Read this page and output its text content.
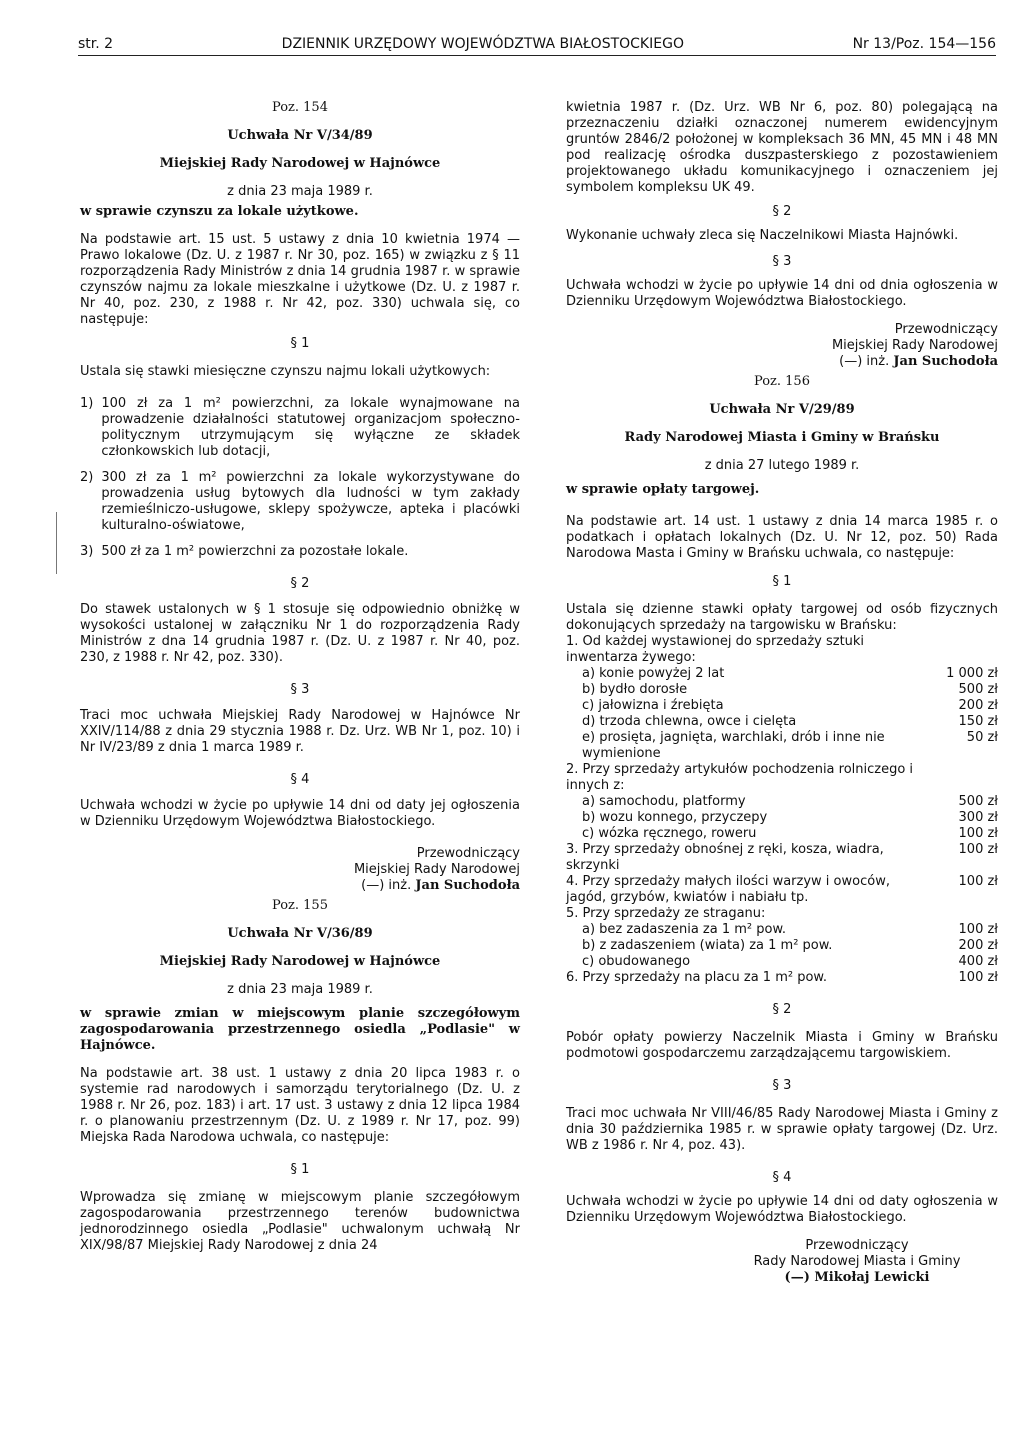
str. 2	DZIENNIK URZĘDOWY WOJEWÓDZTWA BIAŁOSTOCKIEGO	Nr 13/Poz. 154—156
Poz. 154
Uchwała Nr V/34/89
Miejskiej Rady Narodowej w Hajnówce
z dnia 23 maja 1989 r.
w sprawie czynszu za lokale użytkowe.

Na podstawie art. 15 ust. 5 ustawy z dnia 10 kwietnia 1974 — Prawo lokalowe (Dz. U. z 1987 r. Nr 30, poz. 165) w związku z § 11 rozporządzenia Rady Ministrów z dnia 14 grudnia 1987 r. w sprawie czynszów najmu za lokale mieszkalne i użytkowe (Dz. U. z 1987 r. Nr 40, poz. 230, z 1988 r. Nr 42, poz. 330) uchwala się, co następuje:

§ 1

Ustala się stawki miesięczne czynszu najmu lokali użytkowych:

1) 100 zł za 1 m² powierzchni, za lokale wynajmowane na prowadzenie działalności statutowej organizacjom społeczno-politycznym utrzymującym się wyłączne ze składek członkowskich lub dotacji,
2) 300 zł za 1 m² powierzchni za lokale wykorzystywane do prowadzenia usług bytowych dla ludności w tym zakłady rzemieślniczo-usługowe, sklepy spożywcze, apteka i placówki kulturalno-oświatowe,
3) 500 zł za 1 m² powierzchni za pozostałe lokale.
§ 2

Do stawek ustalonych w § 1 stosuje się odpowiednio obniżkę w wysokości ustalonej w załączniku Nr 1 do rozporządzenia Rady Ministrów z dna 14 grudnia 1987 r. (Dz. U. z 1987 r. Nr 40, poz. 230, z 1988 r. Nr 42, poz. 330).

§ 3

Traci moc uchwała Miejskiej Rady Narodowej w Hajnówce Nr XXIV/114/88 z dnia 29 stycznia 1988 r. Dz. Urz. WB Nr 1, poz. 10) i Nr IV/23/89 z dnia 1 marca 1989 r.

§ 4

Uchwała wchodzi w życie po upływie 14 dni od daty jej ogłoszenia w Dzienniku Urzędowym Województwa Białostockiego.

Przewodniczący
Miejskiej Rady Narodowej
(—) inż. Jan Suchodoła
Poz. 155
Uchwała Nr V/36/89
Miejskiej Rady Narodowej w Hajnówce
z dnia 23 maja 1989 r.
w sprawie zmian w miejscowym planie szczegółowym zagospodarowania przestrzennego osiedla „Podlasie" w Hajnówce.

Na podstawie art. 38 ust. 1 ustawy z dnia 20 lipca 1983 r. o systemie rad narodowych i samorządu terytorialnego (Dz. U. z 1988 r. Nr 26, poz. 183) i art. 17 ust. 3 ustawy z dnia 12 lipca 1984 r. o planowaniu przestrzennym (Dz. U. z 1989 r. Nr 17, poz. 99) Miejska Rada Narodowa uchwala, co następuje:

§ 1

Wprowadza się zmianę w miejscowym planie szczegółowym zagospodarowania przestrzennego terenów budownictwa jednorodzinnego osiedla „Podlasie" uchwalonym uchwałą Nr XIX/98/87 Miejskiej Rady Narodowej z dnia 24

kwietnia 1987 r. (Dz. Urz. WB Nr 6, poz. 80) polegającą na przeznaczeniu działki oznaczonej numerem ewidencyjnym gruntów 2846/2 położonej w kompleksach 36 MN, 45 MN i 48 MN pod realizację ośrodka duszpasterskiego z pozostawieniem projektowanego układu komunikacyjnego i oznaczeniem jej symbolem kompleksu UK 49.

§ 2

Wykonanie uchwały zleca się Naczelnikowi Miasta Hajnówki.

§ 3

Uchwała wchodzi w życie po upływie 14 dni od dnia ogłoszenia w Dzienniku Urzędowym Województwa Białostockiego.

Przewodniczący
Miejskiej Rady Narodowej
(—) inż. Jan Suchodoła
Poz. 156
Uchwała Nr V/29/89
Rady Narodowej Miasta i Gminy w Brańsku
z dnia 27 lutego 1989 r.
w sprawie opłaty targowej.

Na podstawie art. 14 ust. 1 ustawy z dnia 14 marca 1985 r. o podatkach i opłatach lokalnych (Dz. U. Nr 12, poz. 50) Rada Narodowa Masta i Gminy w Brańsku uchwala, co następuje:

§ 1

Ustala się dzienne stawki opłaty targowej od osób fizycznych dokonujących sprzedaży na targowisku w Brańsku:

1. Od każdej wystawionej do sprzedaży sztuki inwentarza żywego:	
a) konie powyżej 2 lat	1 000 zł
b) bydło dorosłe	500 zł
c) jałowizna i źrebięta	200 zł
d) trzoda chlewna, owce i cielęta	150 zł
e) prosięta, jagnięta, warchlaki, drób i inne nie wymienione	50 zł
2. Przy sprzedaży artykułów pochodzenia rolniczego i innych z:	
a) samochodu, platformy	500 zł
b) wozu konnego, przyczepy	300 zł
c) wózka ręcznego, roweru	100 zł
3. Przy sprzedaży obnośnej z ręki, kosza, wiadra, skrzynki	100 zł
4. Przy sprzedaży małych ilości warzyw i owoców, jagód, grzybów, kwiatów i nabiału tp.	100 zł
5. Przy sprzedaży ze straganu:	
a) bez zadaszenia za 1 m² pow.	100 zł
b) z zadaszeniem (wiata) za 1 m² pow.	200 zł
c) obudowanego	400 zł
6. Przy sprzedaży na placu za 1 m² pow.	100 zł
§ 2

Pobór opłaty powierzy Naczelnik Miasta i Gminy w Brańsku podmotowi gospodarczemu zarządzającemu targowiskiem.

§ 3

Traci moc uchwała Nr VIII/46/85 Rady Narodowej Miasta i Gminy z dnia 30 października 1985 r. w sprawie opłaty targowej (Dz. Urz. WB z 1986 r. Nr 4, poz. 43).

§ 4

Uchwała wchodzi w życie po upływie 14 dni od daty ogłoszenia w Dzienniku Urzędowym Województwa Białostockiego.

Przewodniczący
Rady Narodowej Miasta i Gminy
(—) Mikołaj Lewicki
